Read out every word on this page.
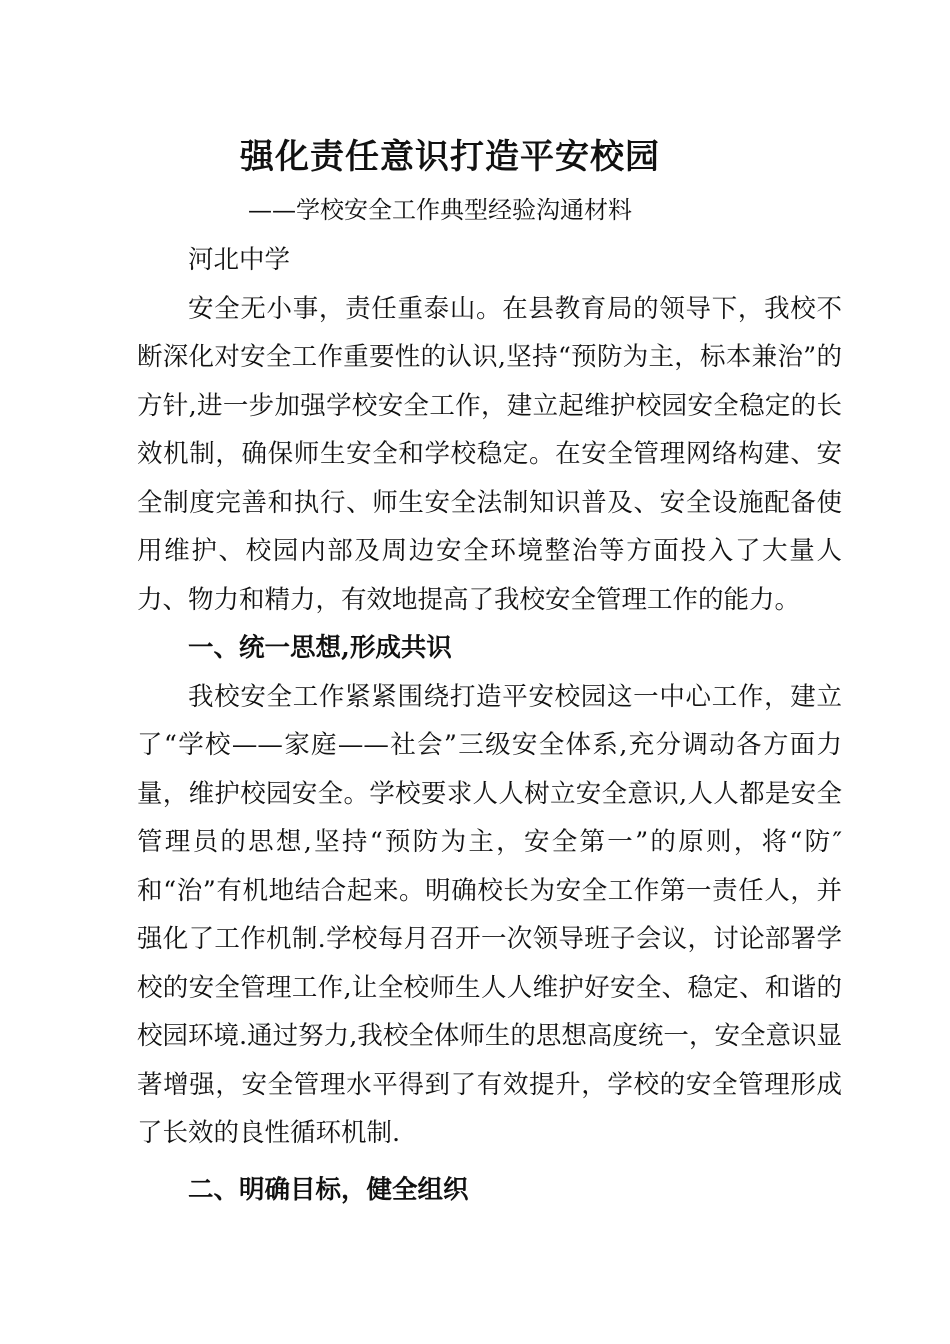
强化责任意识打造平安校园
——学校安全工作典型经验沟通材料

河北中学

安全无小事，责任重泰山。在县教育局的领导下，我校不断深化对安全工作重要性的认识,坚持“预防为主，标本兼治”的方针,进一步加强学校安全工作，建立起维护校园安全稳定的长效机制，确保师生安全和学校稳定。在安全管理网络构建、安全制度完善和执行、师生安全法制知识普及、安全设施配备使用维护、校园内部及周边安全环境整治等方面投入了大量人力、物力和精力，有效地提高了我校安全管理工作的能力。

一、统一思想,形成共识

我校安全工作紧紧围绕打造平安校园这一中心工作，建立了“学校——家庭——社会”三级安全体系,充分调动各方面力量，维护校园安全。学校要求人人树立安全意识,人人都是安全管理员的思想,坚持“预防为主，安全第一”的原则，将“防″和“治”有机地结合起来。明确校长为安全工作第一责任人，并强化了工作机制.学校每月召开一次领导班子会议，讨论部署学校的安全管理工作,让全校师生人人维护好安全、稳定、和谐的校园环境.通过努力,我校全体师生的思想高度统一，安全意识显著增强，安全管理水平得到了有效提升，学校的安全管理形成了长效的良性循环机制.

二、明确目标，健全组织
